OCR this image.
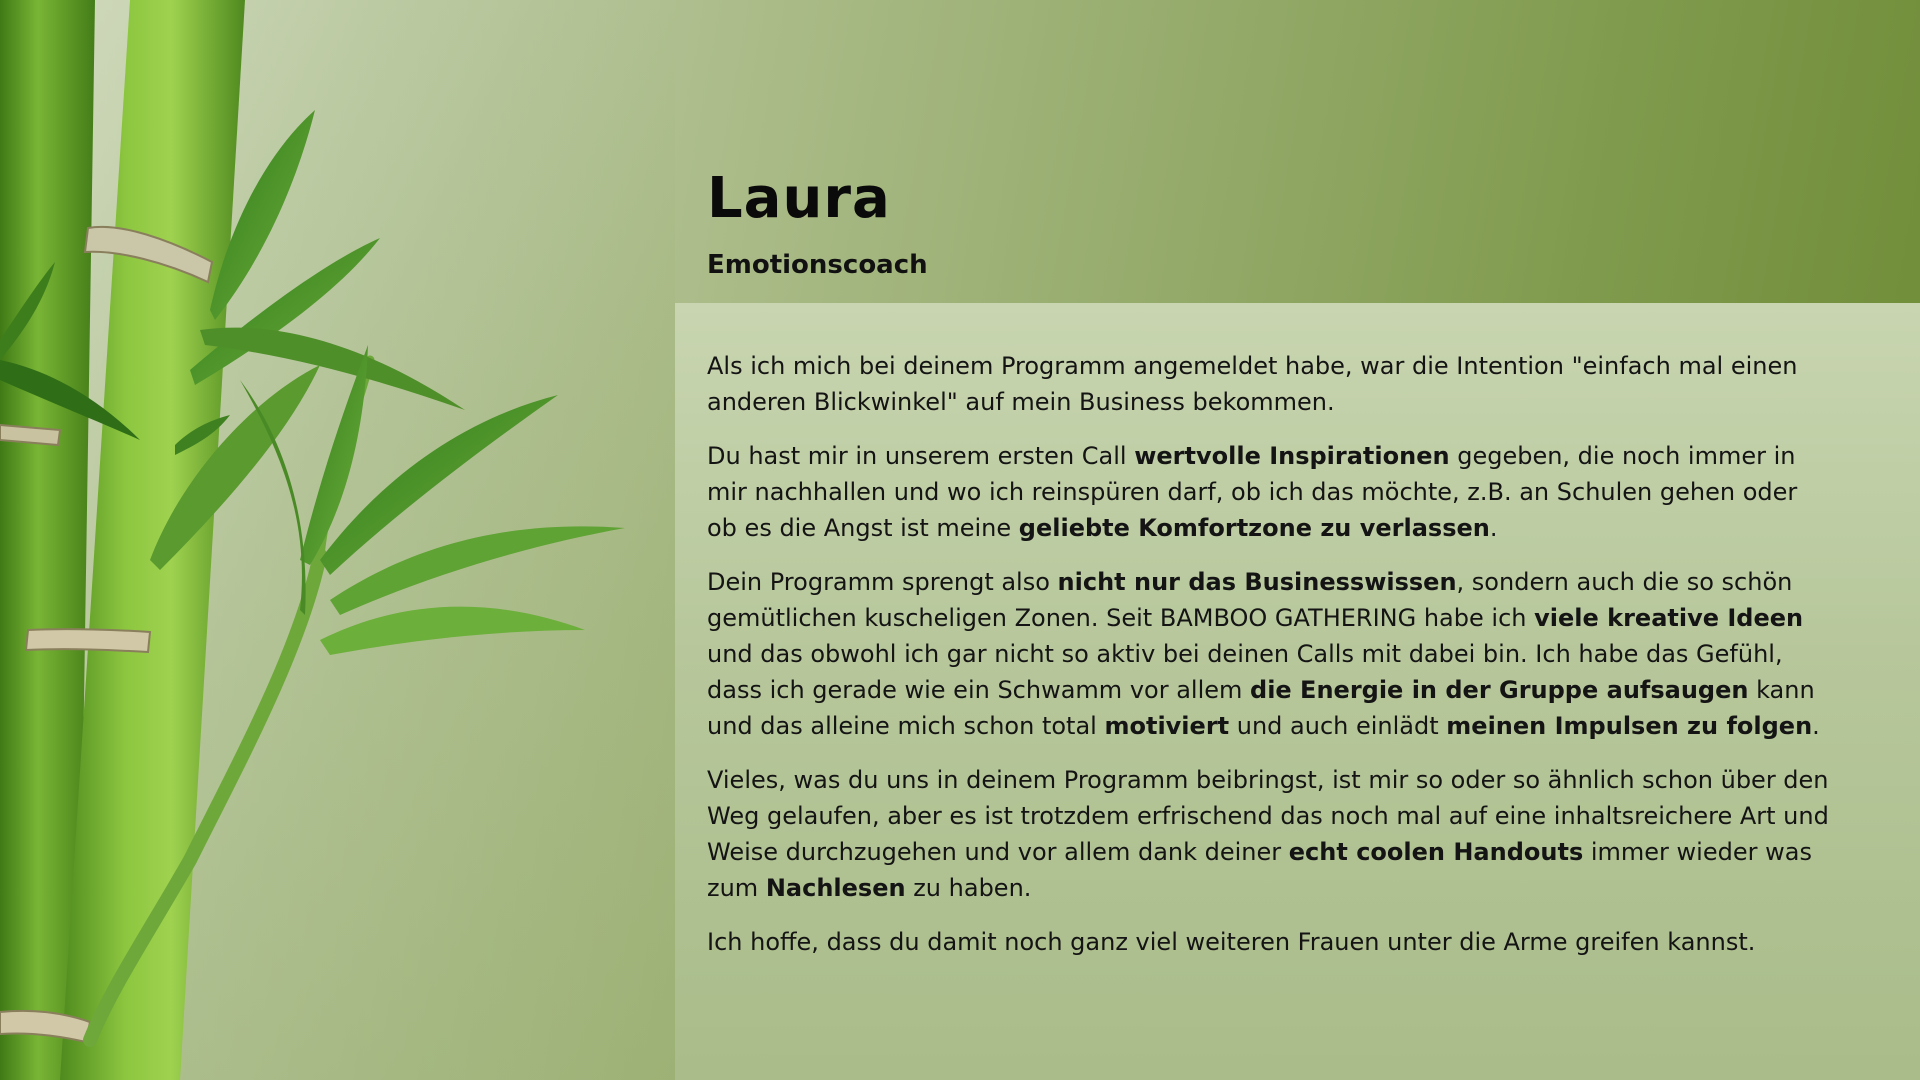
Laura
Emotionscoach

Als ich mich bei deinem Programm angemeldet habe, war die Intention "einfach mal einen anderen Blickwinkel" auf mein Business bekommen.

Du hast mir in unserem ersten Call wertvolle Inspirationen gegeben, die noch immer in mir nachhallen und wo ich reinspüren darf, ob ich das möchte, z.B. an Schulen gehen oder ob es die Angst ist meine geliebte Komfortzone zu verlassen.

Dein Programm sprengt also nicht nur das Businesswissen, sondern auch die so schön gemütlichen kuscheligen Zonen. Seit BAMBOO GATHERING habe ich viele kreative Ideen und das obwohl ich gar nicht so aktiv bei deinen Calls mit dabei bin. Ich habe das Gefühl, dass ich gerade wie ein Schwamm vor allem die Energie in der Gruppe aufsaugen kann und das alleine mich schon total motiviert und auch einlädt meinen Impulsen zu folgen.

Vieles, was du uns in deinem Programm beibringst, ist mir so oder so ähnlich schon über den Weg gelaufen, aber es ist trotzdem erfrischend das noch mal auf eine inhaltsreichere Art und Weise durchzugehen und vor allem dank deiner echt coolen Handouts immer wieder was zum Nachlesen zu haben.

Ich hoffe, dass du damit noch ganz viel weiteren Frauen unter die Arme greifen kannst.
